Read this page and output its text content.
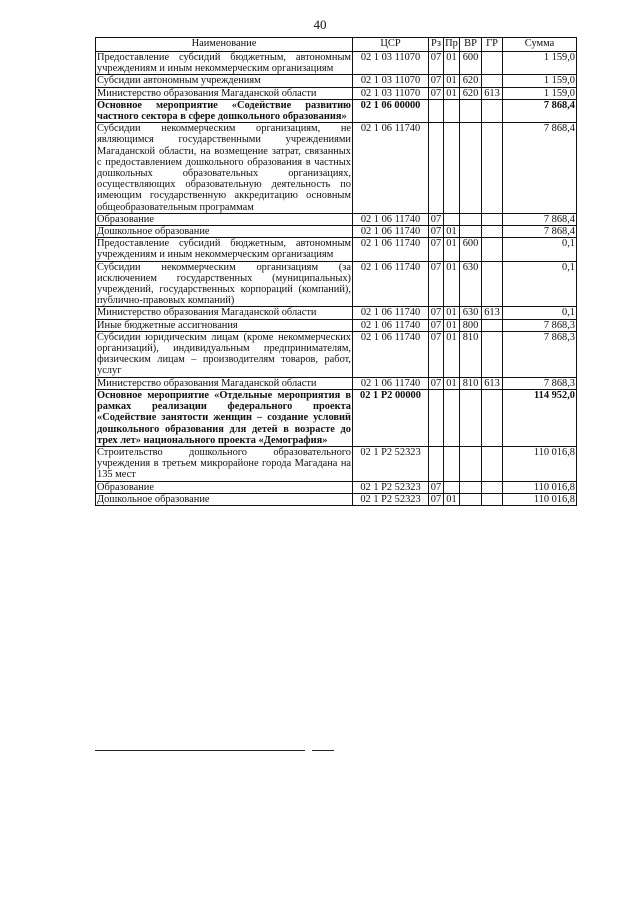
40
Наименование	ЦСР	Рз	Пр	ВР	ГР	Сумма
Предоставление субсидий бюджетным, автономным учреждениям и иным некоммерческим организациям	02 1 03 11070	07	01	600		1 159,0
Субсидии автономным учреждениям	02 1 03 11070	07	01	620		1 159,0
Министерство образования Магаданской области	02 1 03 11070	07	01	620	613	1 159,0
Основное мероприятие «Содействие развитию частного сектора в сфере дошкольного образования»	02 1 06 00000					7 868,4
Субсидии некоммерческим организациям, не являющимся государственными учреждениями Магаданской области, на возмещение затрат, связанных с предоставлением дошкольного образования в частных дошкольных образовательных организациях, осуществляющих образовательную деятельность по имеющим государственную аккредитацию основным общеобразовательным программам	02 1 06 11740					7 868,4
Образование	02 1 06 11740	07				7 868,4
Дошкольное образование	02 1 06 11740	07	01			7 868,4
Предоставление субсидий бюджетным, автономным учреждениям и иным некоммерческим организациям	02 1 06 11740	07	01	600		0,1
Субсидии некоммерческим организациям (за исключением государственных (муниципальных) учреждений, государственных корпораций (компаний), публично-правовых компаний)	02 1 06 11740	07	01	630		0,1
Министерство образования Магаданской области	02 1 06 11740	07	01	630	613	0,1
Иные бюджетные ассигнования	02 1 06 11740	07	01	800		7 868,3
Субсидии юридическим лицам (кроме некоммерческих организаций), индивидуальным предпринимателям, физическим лицам – производителям товаров, работ, услуг	02 1 06 11740	07	01	810		7 868,3
Министерство образования Магаданской области	02 1 06 11740	07	01	810	613	7 868,3
Основное мероприятие «Отдельные мероприятия в рамках реализации федерального проекта «Содействие занятости женщин – создание условий дошкольного образования для детей в возрасте до трех лет» национального проекта «Демография»	02 1 P2 00000					114 952,0
Строительство дошкольного образовательного учреждения в третьем микрорайоне города Магадана на 135 мест	02 1 P2 52323					110 016,8
Образование	02 1 P2 52323	07				110 016,8
Дошкольное образование	02 1 P2 52323	07	01			110 016,8
